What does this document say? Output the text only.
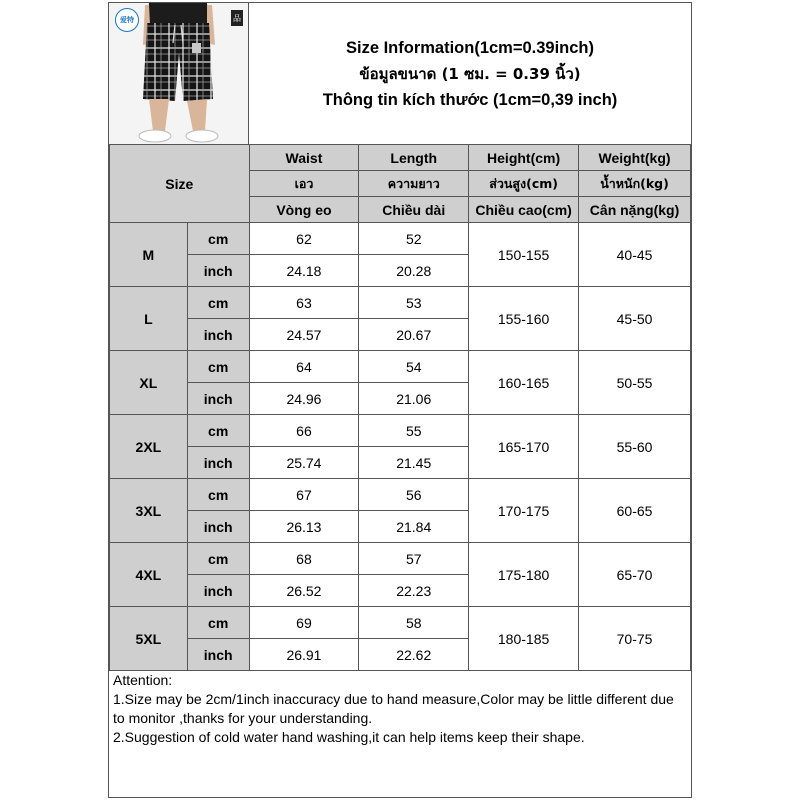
爱特	品
Size Information(1cm=0.39inch)
ข้อมูลขนาด (1 ซม. = 0.39 นิ้ว)
Thông tin kích thước (1cm=0,39 inch)
Size		Waist	Length	Height(cm)	Weight(kg)
		เอว	ความยาว	ส่วนสูง(cm)	น้ำหนัก(kg)
		Vòng eo	Chiều dài	Chiều cao(cm)	Cân nặng(kg)
M	cm	62	52	150-155	40-45
	inch	24.18	20.28		
L	cm	63	53	155-160	45-50
	inch	24.57	20.67		
XL	cm	64	54	160-165	50-55
	inch	24.96	21.06		
2XL	cm	66	55	165-170	55-60
	inch	25.74	21.45		
3XL	cm	67	56	170-175	60-65
	inch	26.13	21.84		
4XL	cm	68	57	175-180	65-70
	inch	26.52	22.23		
5XL	cm	69	58	180-185	70-75
	inch	26.91	22.62		
Attention:
1.Size may be 2cm/1inch inaccuracy due to hand measure,Color may be little different due to monitor ,thanks for your understanding.
2.Suggestion of cold water hand washing,it can help items keep their shape.
